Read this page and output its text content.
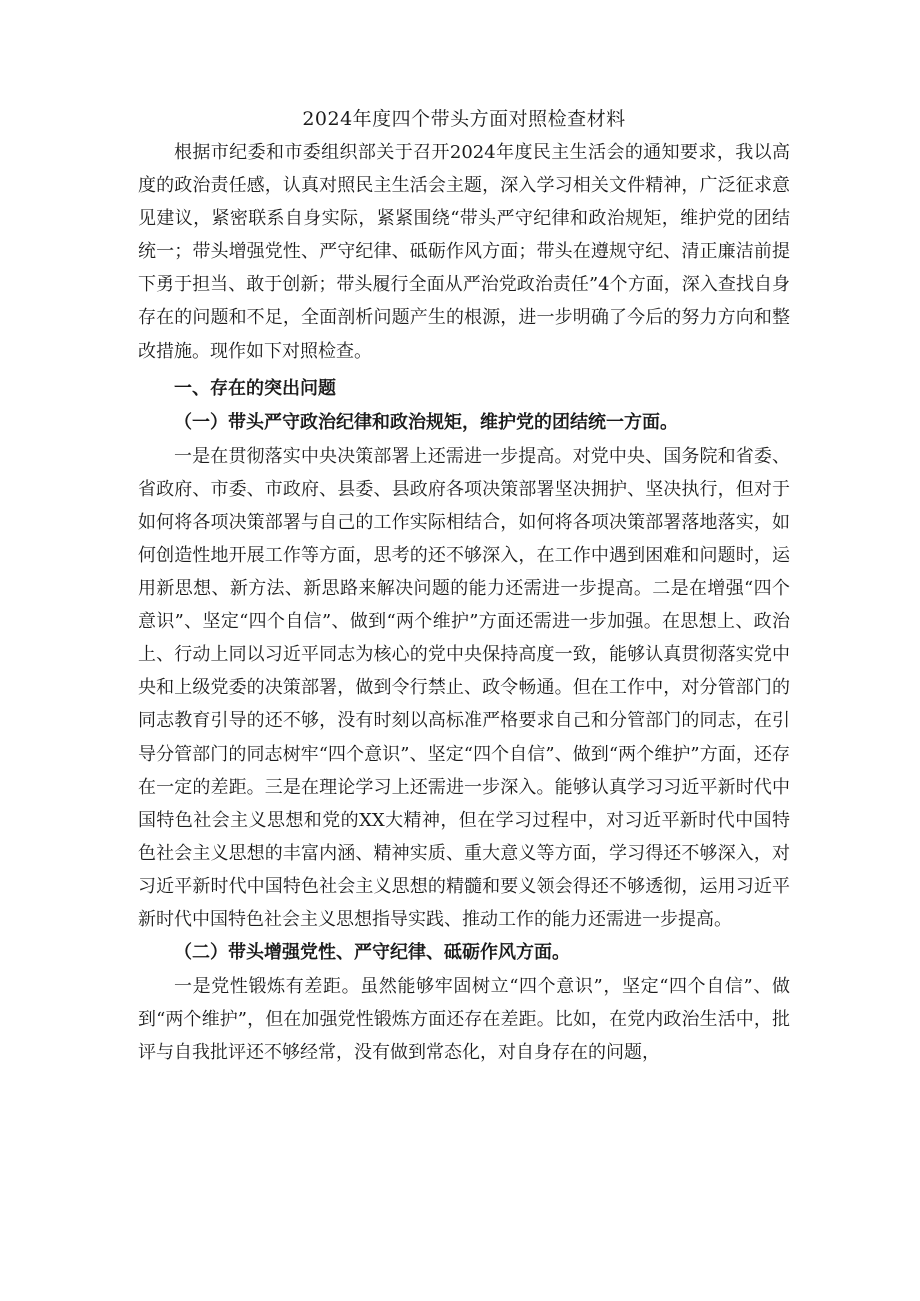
2024年度四个带头方面对照检查材料

根据市纪委和市委组织部关于召开2024年度民主生活会的通知要求，我以高度的政治责任感，认真对照民主生活会主题，深入学习相关文件精神，广泛征求意见建议，紧密联系自身实际，紧紧围绕“带头严守纪律和政治规矩，维护党的团结统一；带头增强党性、严守纪律、砥砺作风方面；带头在遵规守纪、清正廉洁前提下勇于担当、敢于创新；带头履行全面从严治党政治责任”4个方面，深入查找自身存在的问题和不足，全面剖析问题产生的根源，进一步明确了今后的努力方向和整改措施。现作如下对照检查。

一、存在的突出问题

（一）带头严守政治纪律和政治规矩，维护党的团结统一方面。

一是在贯彻落实中央决策部署上还需进一步提高。对党中央、国务院和省委、省政府、市委、市政府、县委、县政府各项决策部署坚决拥护、坚决执行，但对于如何将各项决策部署与自己的工作实际相结合，如何将各项决策部署落地落实，如何创造性地开展工作等方面，思考的还不够深入，在工作中遇到困难和问题时，运用新思想、新方法、新思路来解决问题的能力还需进一步提高。二是在增强“四个意识”、坚定“四个自信”、做到“两个维护”方面还需进一步加强。在思想上、政治上、行动上同以习近平同志为核心的党中央保持高度一致，能够认真贯彻落实党中央和上级党委的决策部署，做到令行禁止、政令畅通。但在工作中，对分管部门的同志教育引导的还不够，没有时刻以高标准严格要求自己和分管部门的同志，在引导分管部门的同志树牢“四个意识”、坚定“四个自信”、做到“两个维护”方面，还存在一定的差距。三是在理论学习上还需进一步深入。能够认真学习习近平新时代中国特色社会主义思想和党的XX大精神，但在学习过程中，对习近平新时代中国特色社会主义思想的丰富内涵、精神实质、重大意义等方面，学习得还不够深入，对习近平新时代中国特色社会主义思想的精髓和要义领会得还不够透彻，运用习近平新时代中国特色社会主义思想指导实践、推动工作的能力还需进一步提高。

（二）带头增强党性、严守纪律、砥砺作风方面。

一是党性锻炼有差距。虽然能够牢固树立“四个意识”，坚定“四个自信”、做到“两个维护”，但在加强党性锻炼方面还存在差距。比如，在党内政治生活中，批评与自我批评还不够经常，没有做到常态化，对自身存在的问题，
